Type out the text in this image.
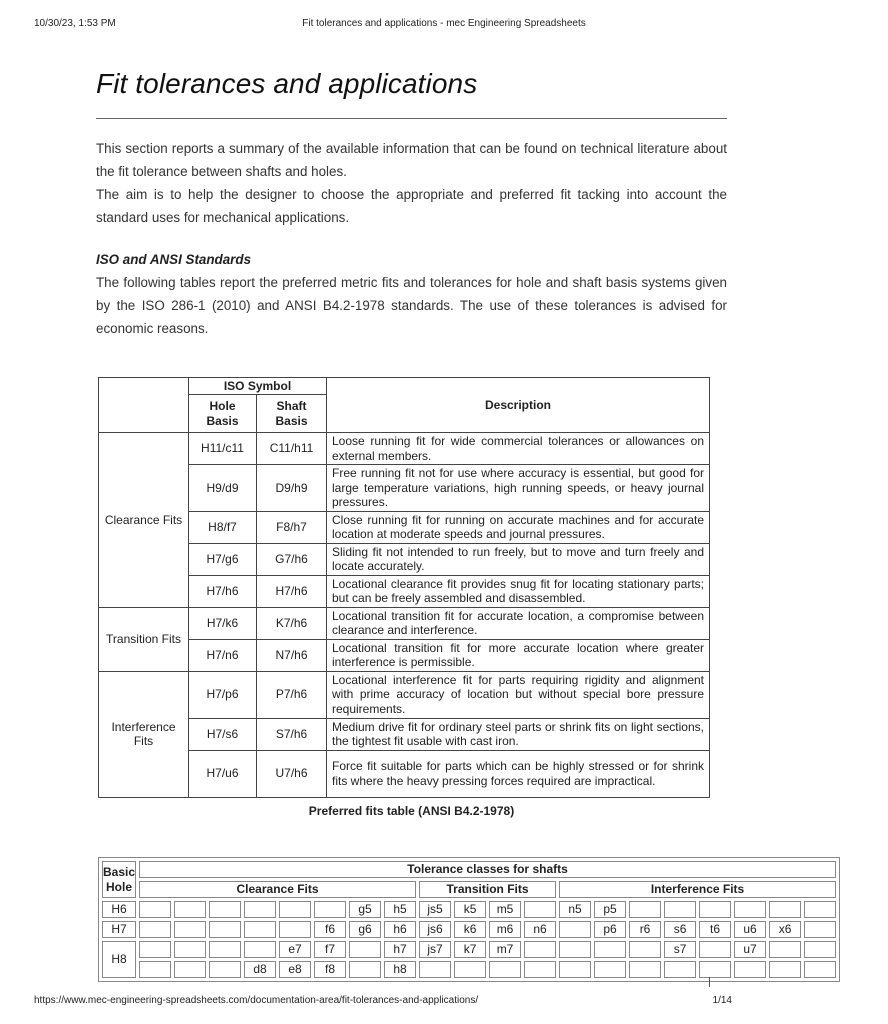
10/30/23, 1:53 PM	Fit tolerances and applications - mec Engineering Spreadsheets
Fit tolerances and applications

This section reports a summary of the available information that can be found on technical literature about the fit tolerance between shafts and holes.

The aim is to help the designer to choose the appropriate and preferred fit tacking into account the standard uses for mechanical applications.

ISO and ANSI Standards

The following tables report the preferred metric fits and tolerances for hole and shaft basis systems given by the ISO 286-1 (2010) and ANSI B4.2-1978 standards. The use of these tolerances is advised for economic reasons.

	ISO Symbol		Description
	Hole Basis	Shaft Basis	
Clearance Fits	H11/c11	C11/h11	Loose running fit for wide commercial tolerances or allowances on external members.
	H9/d9	D9/h9	Free running fit not for use where accuracy is essential, but good for large temperature variations, high running speeds, or heavy journal pressures.
	H8/f7	F8/h7	Close running fit for running on accurate machines and for accurate location at moderate speeds and journal pressures.
	H7/g6	G7/h6	Sliding fit not intended to run freely, but to move and turn freely and locate accurately.
	H7/h6	H7/h6	Locational clearance fit provides snug fit for locating stationary parts; but can be freely assembled and disassembled.
Transition Fits	H7/k6	K7/h6	Locational transition fit for accurate location, a compromise between clearance and interference.
	H7/n6	N7/h6	Locational transition fit for more accurate location where greater interference is permissible.
Interference Fits	H7/p6	P7/h6	Locational interference fit for parts requiring rigidity and alignment with prime accuracy of location but without special bore pressure requirements.
	H7/s6	S7/h6	Medium drive fit for ordinary steel parts or shrink fits on light sections, the tightest fit usable with cast iron.
	H7/u6	U7/h6	Force fit suitable for parts which can be highly stressed or for shrink fits where the heavy pressing forces required are impractical.
Preferred fits table (ANSI B4.2-1978)
Basic Hole	Tolerance classes for shafts																			
	Clearance Fits								Transition Fits				Interference Fits							
H6							g5	h5	js5	k5	m5		n5	p5						
H7						f6	g6	h6	js6	k6	m6	n6		p6	r6	s6	t6	u6	x6	
H8					e7	f7		h7	js7	k7	m7					s7		u7		
				d8	e8	f8		h8												
https://www.mec-engineering-spreadsheets.com/documentation-area/fit-tolerances-and-applications/	1/14
